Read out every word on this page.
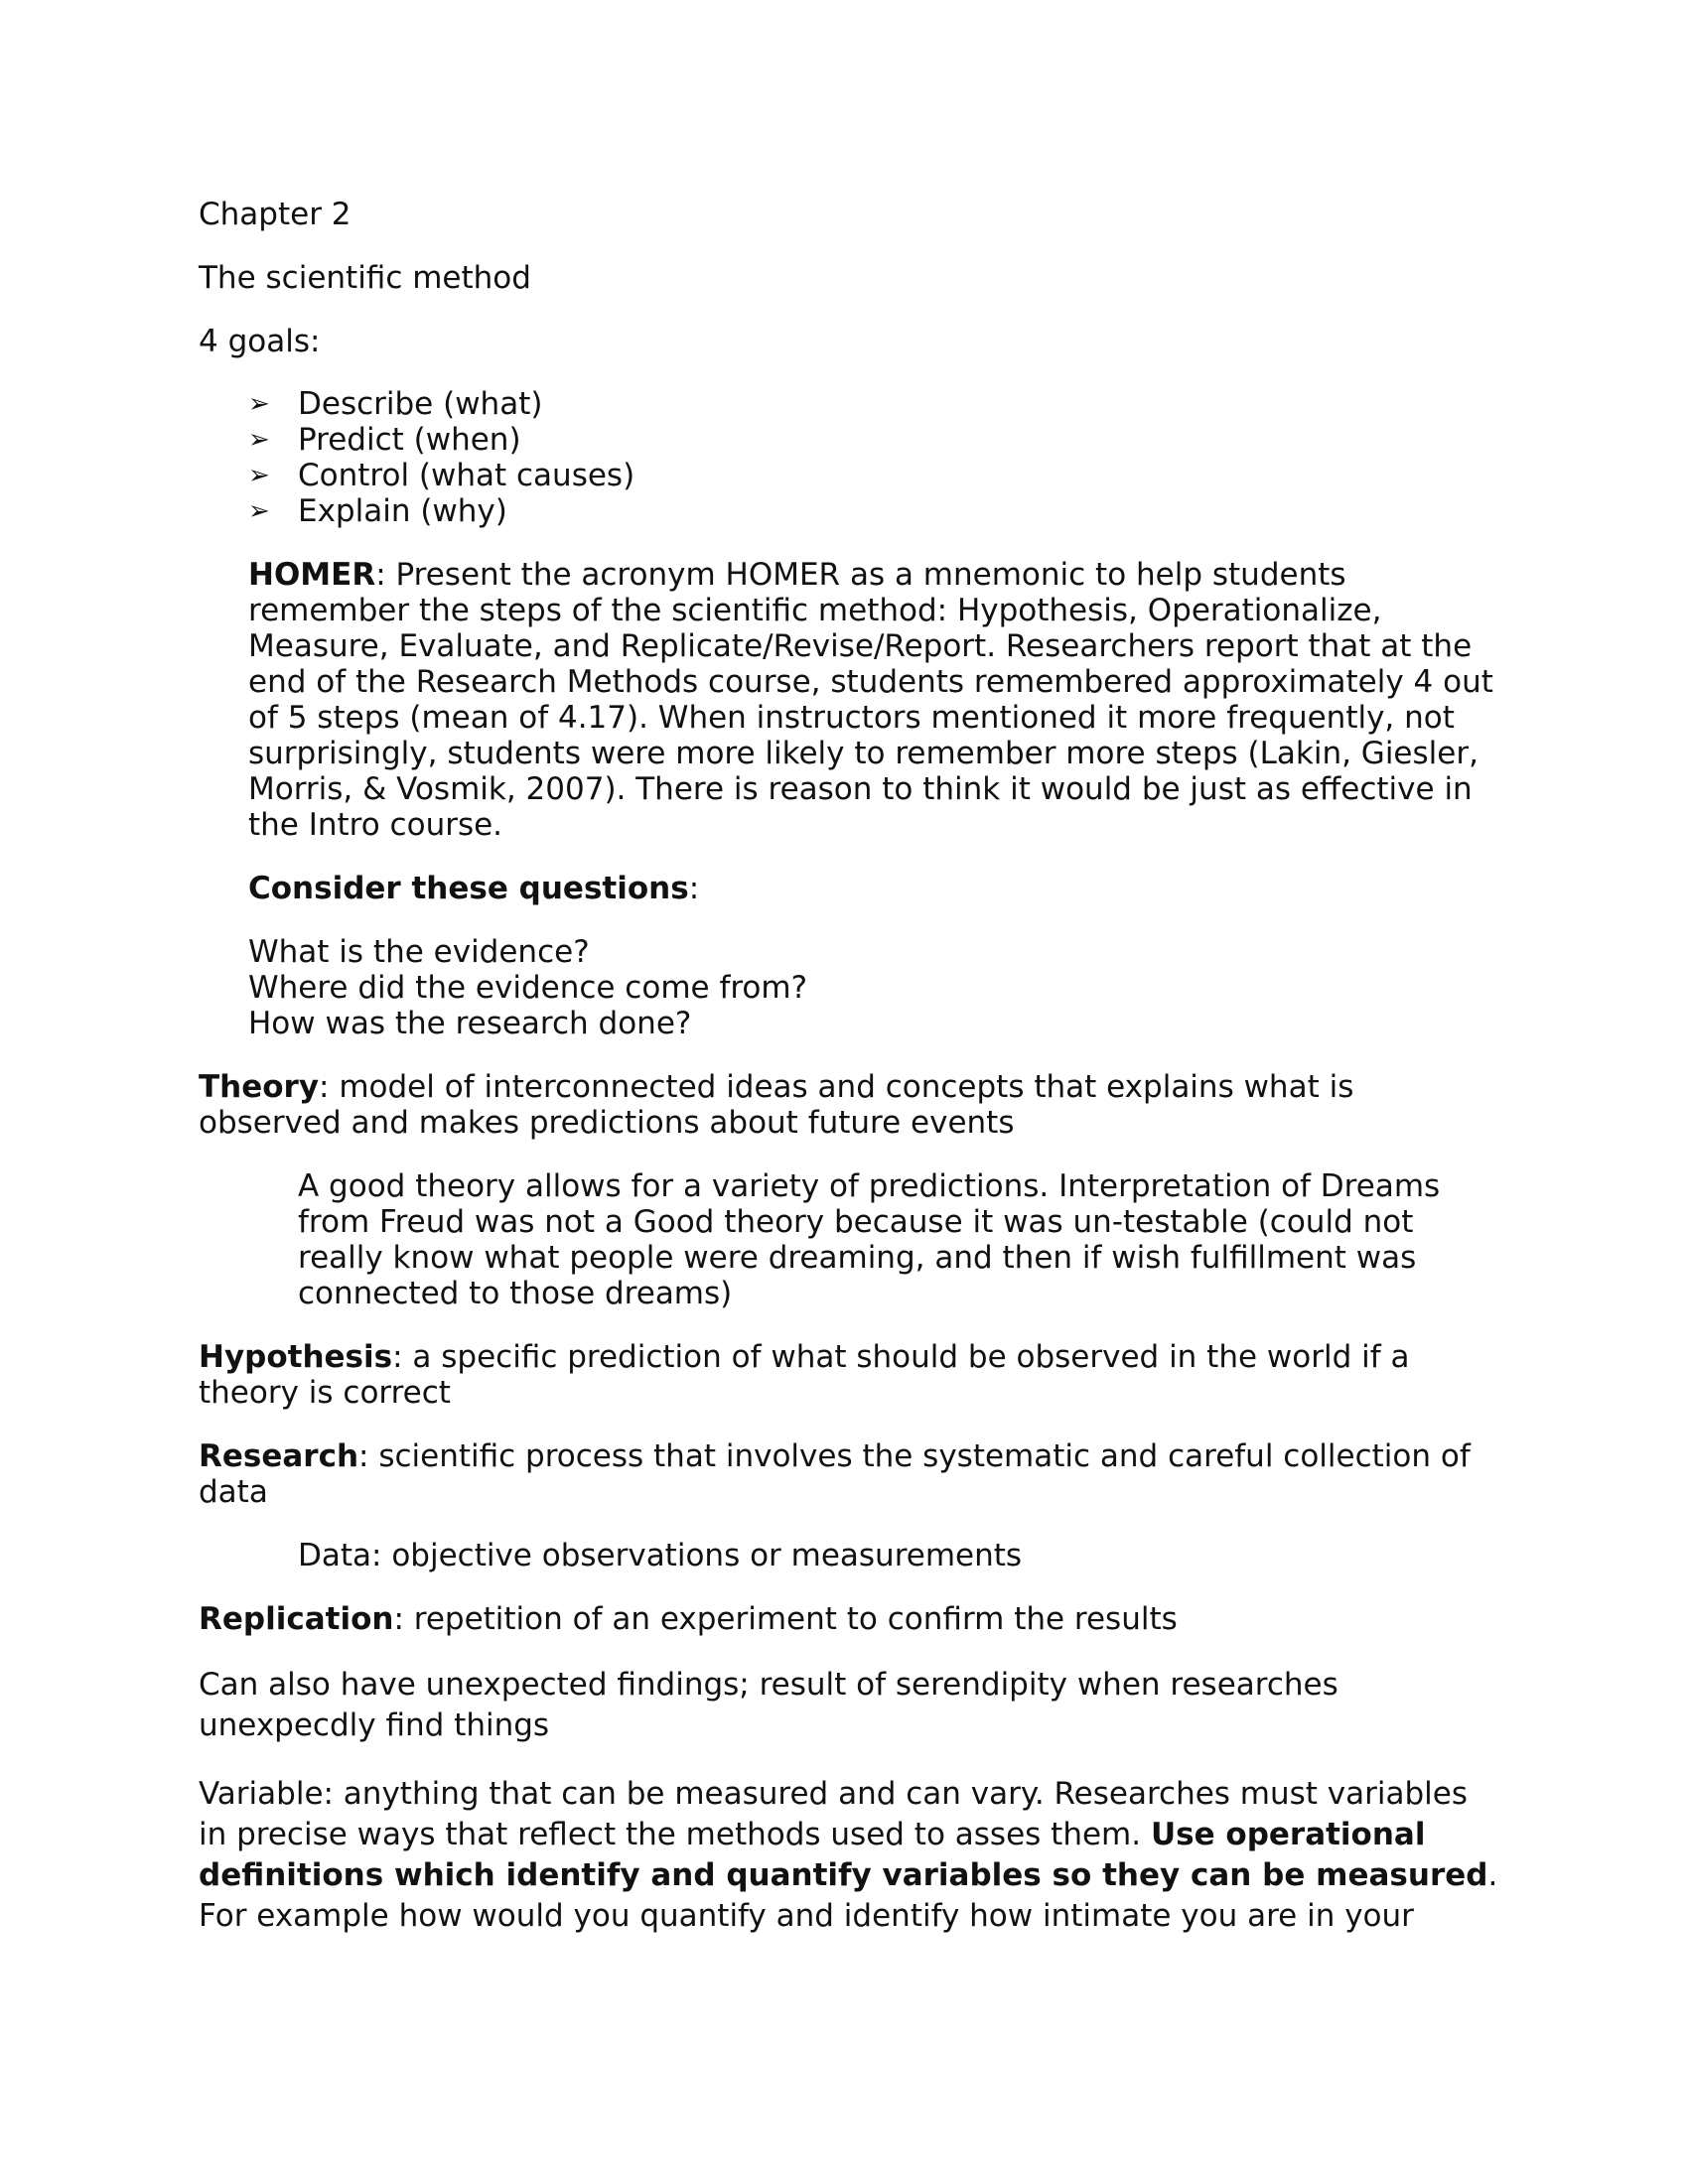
Chapter 2

The scientific method

4 goals:

➢ Describe (what)
➢ Predict (when)
➢ Control (what causes)
➢ Explain (why)

HOMER: Present the acronym HOMER as a mnemonic to help students remember the steps of the scientific method: Hypothesis, Operationalize, Measure, Evaluate, and Replicate/Revise/Report. Researchers report that at the end of the Research Methods course, students remembered approximately 4 out of 5 steps (mean of 4.17). When instructors mentioned it more frequently, not surprisingly, students were more likely to remember more steps (Lakin, Giesler, Morris, & Vosmik, 2007). There is reason to think it would be just as effective in the Intro course.

Consider these questions:

What is the evidence?

Where did the evidence come from?

How was the research done?

Theory: model of interconnected ideas and concepts that explains what is observed and makes predictions about future events

A good theory allows for a variety of predictions. Interpretation of Dreams from Freud was not a Good theory because it was un-testable (could not really know what people were dreaming, and then if wish fulfillment was connected to those dreams)

Hypothesis: a specific prediction of what should be observed in the world if a theory is correct

Research: scientific process that involves the systematic and careful collection of data

Data: objective observations or measurements

Replication: repetition of an experiment to confirm the results

Can also have unexpected findings; result of serendipity when researches unexpecdly find things

Variable: anything that can be measured and can vary. Researches must variables in precise ways that reflect the methods used to asses them. Use operational definitions which identify and quantify variables so they can be measured. For example how would you quantify and identify how intimate you are in your
